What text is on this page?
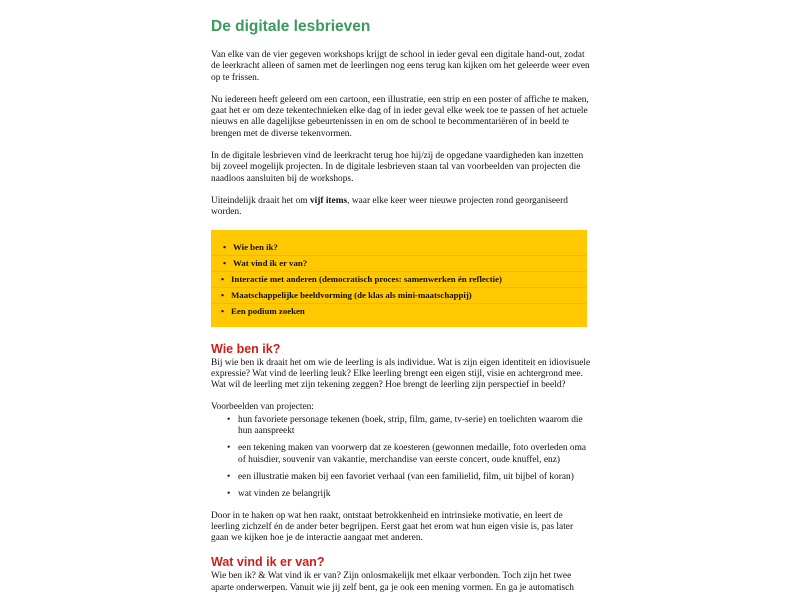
De digitale lesbrieven

Van elke van de vier gegeven workshops krijgt de school in ieder geval een digitale hand-out, zodat de leerkracht alleen of samen met de leerlingen nog eens terug kan kijken om het geleerde weer even op te frissen.

Nu iedereen heeft geleerd om een cartoon, een illustratie, een strip en een poster of affiche te maken, gaat het er om deze tekentechnieken elke dag of in ieder geval elke week toe te passen of het actuele nieuws en alle dagelijkse gebeurtenissen in en om de school te becommentariëren of in beeld te brengen met de diverse tekenvormen.

In de digitale lesbrieven vind de leerkracht terug hoe hij/zij de opgedane vaardigheden kan inzetten bij zoveel mogelijk projecten. In de digitale lesbrieven staan tal van voorbeelden van projecten die naadloos aansluiten bij de workshops.

Uiteindelijk draait het om vijf items, waar elke keer weer nieuwe projecten rond georganiseerd worden.

• Wie ben ik?
• Wat vind ik er van?
• Interactie met anderen (democratisch proces: samenwerken én reflectie)
• Maatschappelijke beeldvorming (de klas als mini-maatschappij)
• Een podium zoeken
Wie ben ik?

Bij wie ben ik draait het om wie de leerling is als individue. Wat is zijn eigen identiteit en idiovisuele expressie? Wat vind de leerling leuk? Elke leerling brengt een eigen stijl, visie en achtergrond mee. Wat wil de leerling met zijn tekening zeggen? Hoe brengt de leerling zijn perspectief in beeld?

Voorbeelden van projecten:

• hun favoriete personage tekenen (boek, strip, film, game, tv-serie) en toelichten waarom die hun aanspreekt
• een tekening maken van voorwerp dat ze koesteren (gewonnen medaille, foto overleden oma of huisdier, souvenir van vakantie, merchandise van eerste concert, oude knuffel, enz)
• een illustratie maken bij een favoriet verhaal (van een familielid, film, uit bijbel of koran)
• wat vinden ze belangrijk

Door in te haken op wat hen raakt, ontstaat betrokkenheid en intrinsieke motivatie, en leert de leerling zichzelf én de ander beter begrijpen. Eerst gaat het erom wat hun eigen visie is, pas later gaan we kijken hoe je de interactie aangaat met anderen.

Wat vind ik er van?

Wie ben ik? & Wat vind ik er van? Zijn onlosmakelijk met elkaar verbonden. Toch zijn het twee aparte onderwerpen. Vanuit wie jij zelf bent, ga je ook een mening vormen. En ga je automatisch
